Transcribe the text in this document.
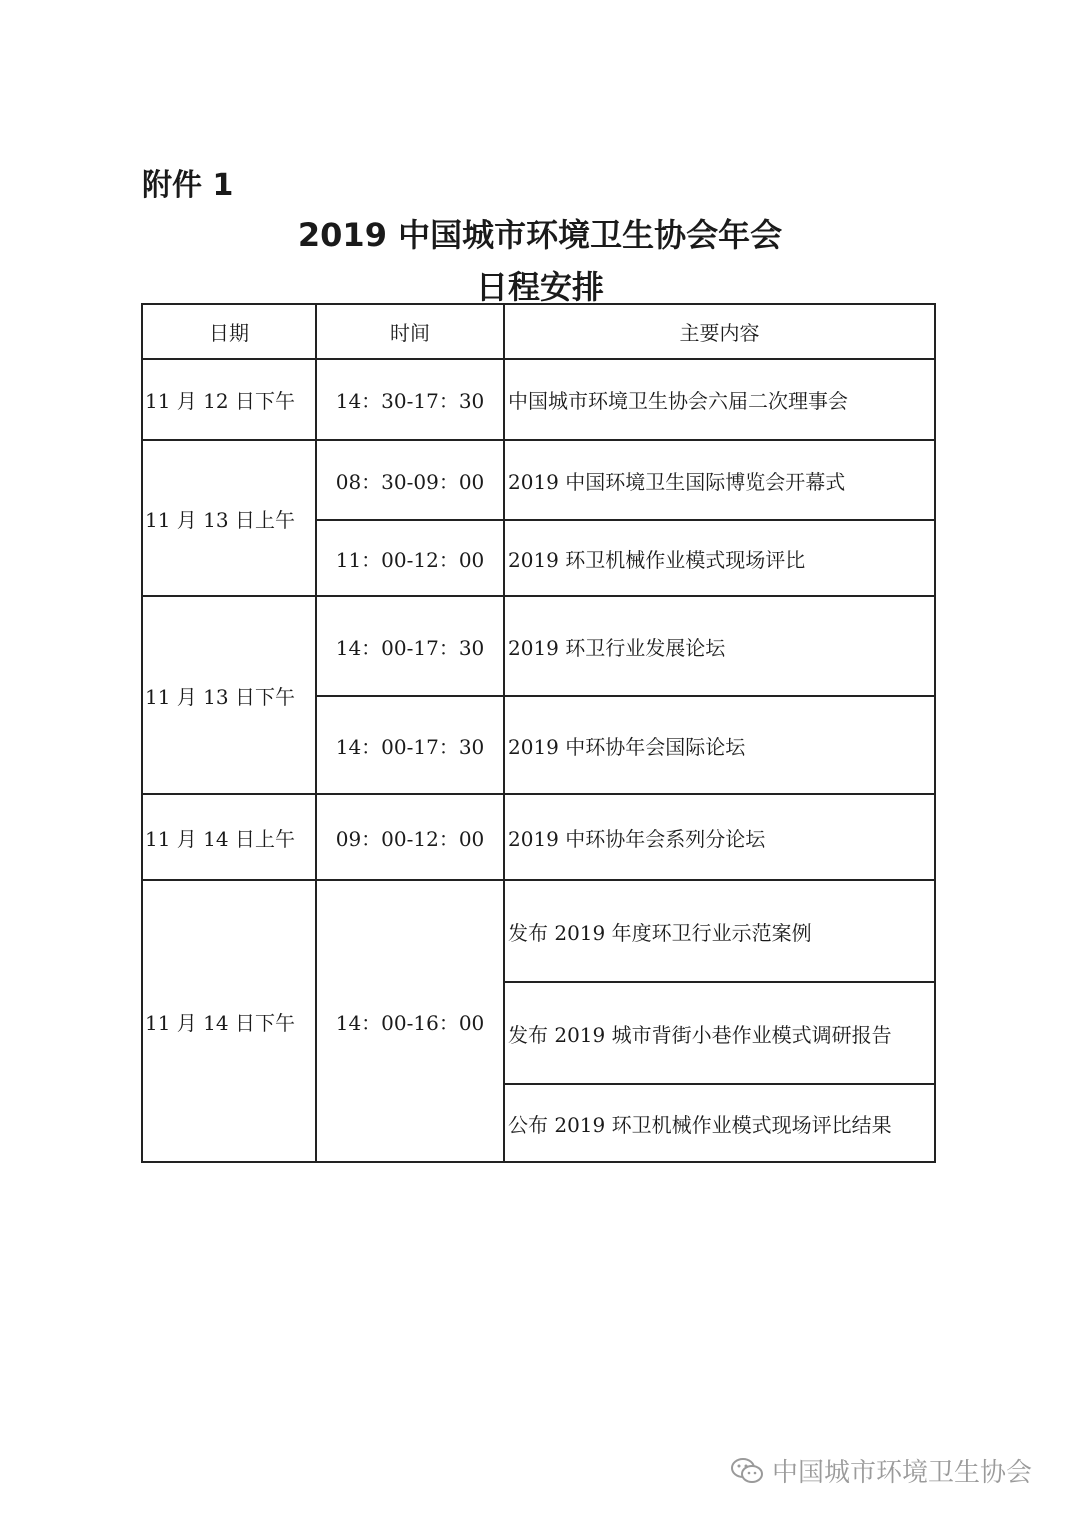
附件 1
2019 中国城市环境卫生协会年会
日程安排
日期	时间	主要内容
11 月 12 日下午	14：30-17：30	中国城市环境卫生协会六届二次理事会
11 月 13 日上午	08：30-09：00	2019 中国环境卫生国际博览会开幕式
	11：00-12：00	2019 环卫机械作业模式现场评比
11 月 13 日下午	14：00-17：30	2019 环卫行业发展论坛
	14：00-17：30	2019 中环协年会国际论坛
11 月 14 日上午	09：00-12：00	2019 中环协年会系列分论坛
11 月 14 日下午	14：00-16：00	发布 2019 年度环卫行业示范案例
		发布 2019 城市背街小巷作业模式调研报告
		公布 2019 环卫机械作业模式现场评比结果
中国城市环境卫生协会
